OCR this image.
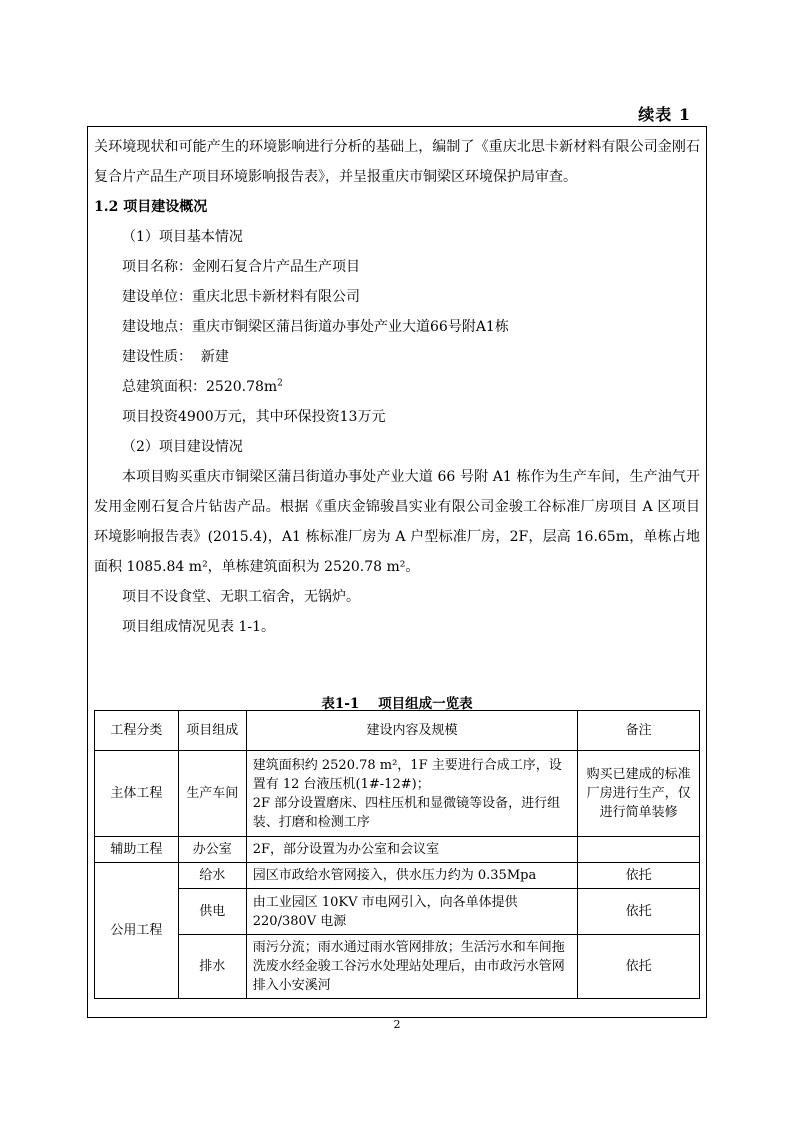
续表 1

关环境现状和可能产生的环境影响进行分析的基础上，编制了《重庆北思卡新材料有限公司金刚石复合片产品生产项目环境影响报告表》，并呈报重庆市铜梁区环境保护局审查。

1.2 项目建设概况

（1）项目基本情况

项目名称：金刚石复合片产品生产项目

建设单位：重庆北思卡新材料有限公司

建设地点：重庆市铜梁区蒲吕街道办事处产业大道66号附A1栋

建设性质：  新建

总建筑面积：$2520.78m^2$

项目投资4900万元，其中环保投资13万元

（2）项目建设情况

本项目购买重庆市铜梁区蒲吕街道办事处产业大道 66 号附 A1 栋作为生产车间，生产油气开发用金刚石复合片钻齿产品。根据《重庆金锦骏昌实业有限公司金骏工谷标准厂房项目 A 区项目环境影响报告表》(2015.4)，A1 栋标准厂房为 A 户型标准厂房，2F，层高 16.65m，单栋占地面积 1085.84 m²，单栋建筑面积为 2520.78 m²。

项目不设食堂、无职工宿舍，无锅炉。

项目组成情况见表 1-1。

表1-1    项目组成一览表
工程分类	项目组成	建设内容及规模	备注
主体工程	生产车间	建筑面积约 2520.78 m²，1F 主要进行合成工序，设置有 12 台液压机(1#-12#)；
2F 部分设置磨床、四柱压机和显微镜等设备，进行组装、打磨和检测工序	购买已建成的标准厂房进行生产，仅进行简单装修
辅助工程	办公室	2F，部分设置为办公室和会议室	
公用工程	给水	园区市政给水管网接入，供水压力约为 0.35Mpa	依托
	供电	由工业园区 10KV 市电网引入，向各单体提供 220/380V 电源	依托
	排水	雨污分流；雨水通过雨水管网排放；生活污水和车间拖洗废水经金骏工谷污水处理站处理后，由市政污水管网排入小安溪河	依托
2
